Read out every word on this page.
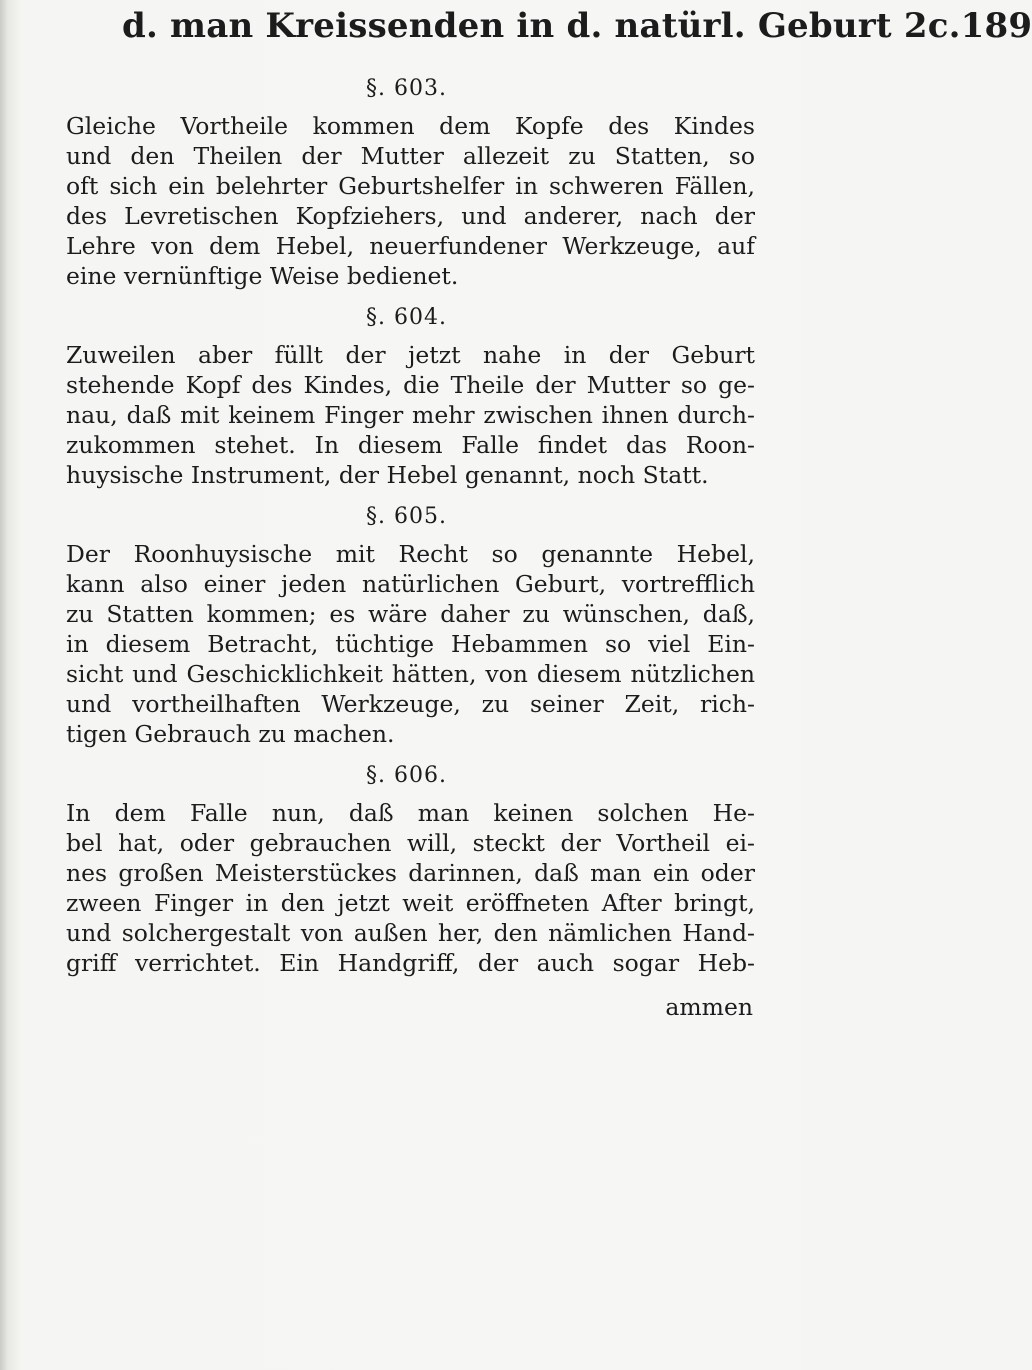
d. man Kreissenden in d. natürl. Geburt 2c. 189
§. 603.

Gleiche Vortheile kommen dem Kopfe des Kindes
und den Theilen der Mutter allezeit zu Statten, so
oft sich ein belehrter Geburtshelfer in schweren Fällen,
des Levretischen Kopfziehers, und anderer, nach der
Lehre von dem Hebel, neuerfundener Werkzeuge, auf
eine vernünftige Weise bedienet.

§. 604.

Zuweilen aber füllt der jetzt nahe in der Geburt
stehende Kopf des Kindes, die Theile der Mutter so ge-
nau, daß mit keinem Finger mehr zwischen ihnen durch-
zukommen stehet. In diesem Falle findet das Roon-
huysische Instrument, der Hebel genannt, noch Statt.

§. 605.

Der Roonhuysische mit Recht so genannte Hebel,
kann also einer jeden natürlichen Geburt, vortrefflich
zu Statten kommen; es wäre daher zu wünschen, daß,
in diesem Betracht, tüchtige Hebammen so viel Ein-
sicht und Geschicklichkeit hätten, von diesem nützlichen
und vortheilhaften Werkzeuge, zu seiner Zeit, rich-
tigen Gebrauch zu machen.

§. 606.

In dem Falle nun, daß man keinen solchen He-
bel hat, oder gebrauchen will, steckt der Vortheil ei-
nes großen Meisterstückes darinnen, daß man ein oder
zween Finger in den jetzt weit eröffneten After bringt,
und solchergestalt von außen her, den nämlichen Hand-
griff verrichtet. Ein Handgriff, der auch sogar Heb-

ammen
